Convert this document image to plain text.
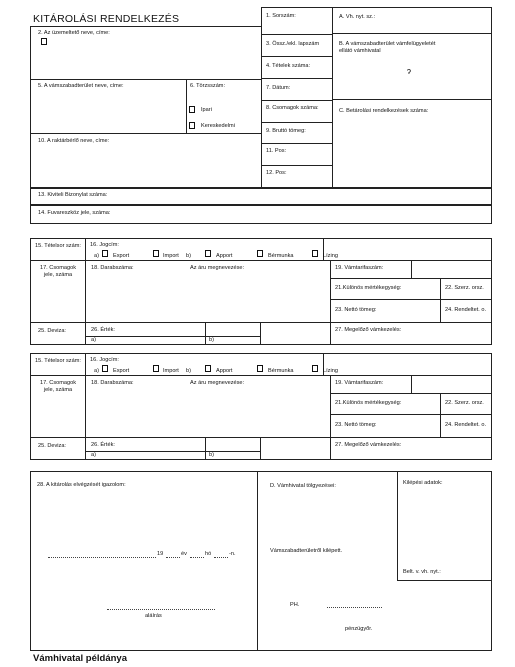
KITÁROLÁSI RENDELKEZÉS
2. Az üzemeltető neve, címe:
5. A vámszabadterület neve, címe:	6. Törzsszám:
Ipari
Kereskedelmi
10. A raktárbérlő neve, címe:
13. Kiviteli Bizonylat száma:
14. Fuvareszköz jele, száma:
1. Sorszám:
3. Össz./ekl. lapszám
4. Tételek száma:
7. Dátum:
8. Csomagok száma:
9. Bruttó tömeg:
11. Pos:
12. Pos:
A. Vh. nyt. sz.:
B. A vámszabadterület vámfelügyeletét ellátó vámhivatal
C. Betárolási rendelkezések száma:
ɂ
15. Tételsor szám: 16. Jogcím:
a)	Export	Import b)	Apport	Bérmunka	Lízing
17. Csomagok jele, száma
18. Darabszáma:	Az áru megnevezése:	19. Vámtarifaszám:
21.Különös mértékegység:	22. Szerz. orsz.
23. Nettó tömeg:	24. Rendeltet. o.
25. Deviza:	26. Érték:
a)	b)
27. Megelőző vámkezelés:
15. Tételsor szám: 16. Jogcím:
a)	Export	Import b)	Apport	Bérmunka	Lízing
17. Csomagok jele, száma
18. Darabszáma:	Az áru megnevezése:	19. Vámtarifaszám:
21.Különös mértékegység:	22. Szerz. orsz.
23. Nettó tömeg:	24. Rendeltet. o.
25. Deviza:	26. Érték:
a)	b)
27. Megelőző vámkezelés:
28. A kitárolás elvégzését igazolom:
19	év	hó	-n.
aláírás
D. Vámhivatal tölgyezései:	Kilépési adatok:
Vámszabadterületről kilépett.
Belt. v. vh. nyt.:
PH.
pénzügyőr.
Vámhivatal példánya
